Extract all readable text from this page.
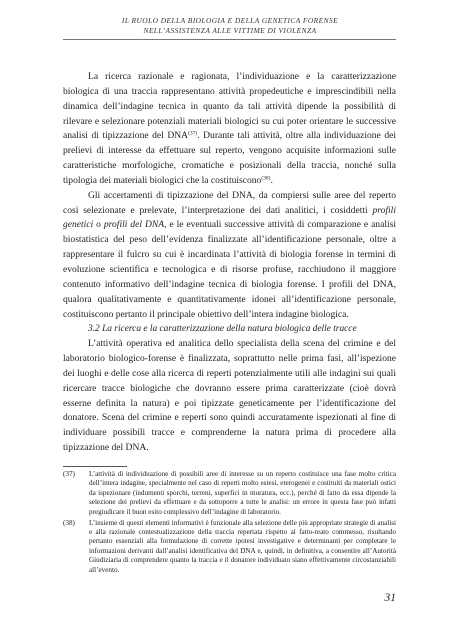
IL RUOLO DELLA BIOLOGIA E DELLA GENETICA FORENSE
NELL’ASSISTENZA ALLE VITTIME DI VIOLENZA

La ricerca razionale e ragionata, l’individuazione e la caratterizzazione biologica di una traccia rappresentano attività propedeutiche e imprescindibili nella dinamica dell’indagine tecnica in quanto da tali attività dipende la possibilità di rilevare e selezionare potenziali materiali biologici su cui poter orientare le successive analisi di tipizzazione del DNA$^{(37)}$. Durante tali attività, oltre alla individuazione dei prelievi di interesse da effettuare sul reperto, vengono acquisite informazioni sulle caratteristiche morfologiche, cromatiche e posizionali della traccia, nonché sulla tipologia dei materiali biologici che la costituiscono$^{(38)}$.

Gli accertamenti di tipizzazione del DNA, da compiersi sulle aree del reperto così selezionate e prelevate, l’interpretazione dei dati analitici, i cosiddetti profili genetici o profili del DNA, e le eventuali successive attività di comparazione e analisi biostatistica del peso dell’evidenza finalizzate all’identificazione personale, oltre a rappresentare il fulcro su cui è incardinata l’attività di biologia forense in termini di evoluzione scientifica e tecnologica e di risorse profuse, racchiudono il maggiore contenuto informativo dell’indagine tecnica di biologia forense. I profili del DNA, qualora qualitativamente e quantitativamente idonei all’identificazione personale, costituiscono pertanto il principale obiettivo dell’intera indagine biologica.

3.2 La ricerca e la caratterizzazione della natura biologica delle tracce

L’attività operativa ed analitica dello specialista della scena del crimine e del laboratorio biologico-forense è finalizzata, soprattutto nelle prima fasi, all’ispezione dei luoghi e delle cose alla ricerca di reperti potenzialmente utili alle indagini sui quali ricercare tracce biologiche che dovranno essere prima caratterizzate (cioè dovrà esserne definita la natura) e poi tipizzate geneticamente per l’identificazione del donatore. Scena del crimine e reperti sono quindi accuratamente ispezionati al fine di individuare possibili tracce e comprenderne la natura prima di procedere alla tipizzazione del DNA.

(37)	L’attività di individuazione di possibili aree di interesse su un reperto costituisce una fase molto critica dell’intera indagine, specialmente nel caso di reperti molto estesi, eterogenei e costituiti da materiali ostici da ispezionare (indumenti sporchi, terreni, superfici in muratura, ecc.), perché di fatto da essa dipende la selezione dei prelievi da effettuare e da sottoporre a tutte le analisi: un errore in questa fase può infatti pregiudicare il buon esito complessivo dell’indagine di laboratorio.
(38)	L’insieme di questi elementi informativi è funzionale alla selezione delle più appropriate strategie di analisi e alla razionale contestualizzazione della traccia repertata rispetto al fatto-reato commesso, risultando pertanto essenziali alla formulazione di corrette ipotesi investigative e determinanti per completare le informazioni derivanti dall’analisi identificativa del DNA e, quindi, in definitiva, a consentire all’Autorità Giudiziaria di comprendere quanto la traccia e il donatore individuato siano effettivamente circostanziabili all’evento.
31
